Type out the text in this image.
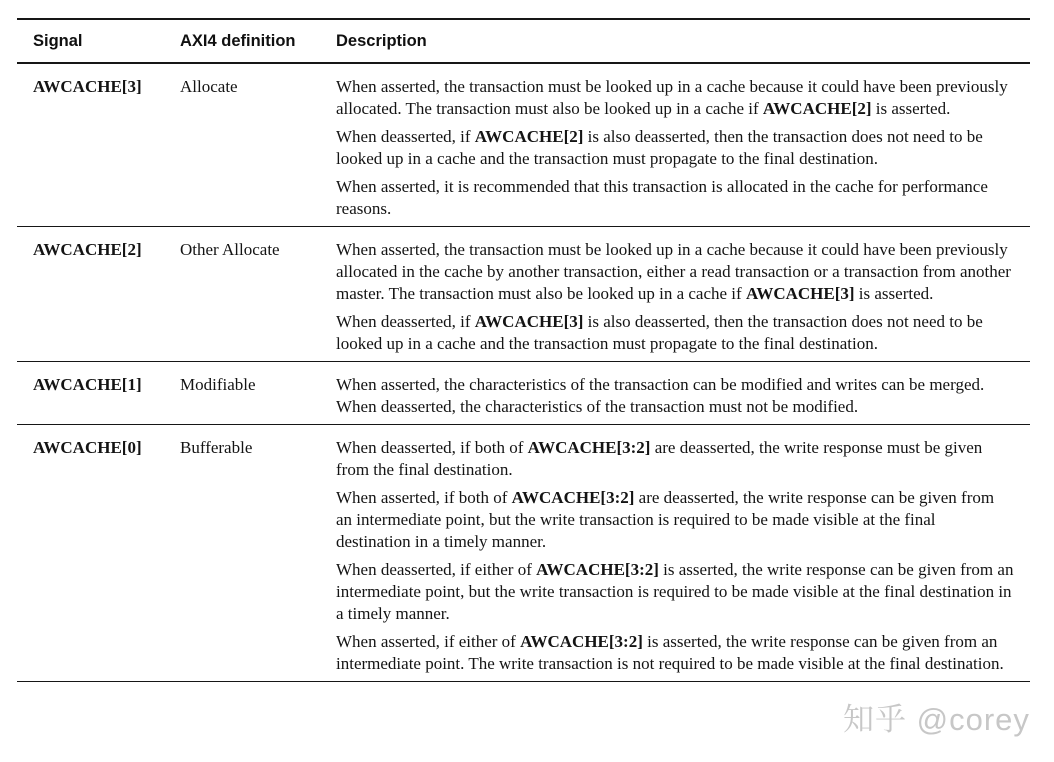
Signal	AXI4 definition	Description
AWCACHE[3]	Allocate	When asserted, the transaction must be looked up in a cache because it could have been previously allocated. The transaction must also be looked up in a cache if AWCACHE[2] is asserted.

When deasserted, if AWCACHE[2] is also deasserted, then the transaction does not need to be looked up in a cache and the transaction must propagate to the final destination.

When asserted, it is recommended that this transaction is allocated in the cache for performance reasons.

AWCACHE[2]	Other Allocate	When asserted, the transaction must be looked up in a cache because it could have been previously allocated in the cache by another transaction, either a read transaction or a transaction from another master. The transaction must also be looked up in a cache if AWCACHE[3] is asserted.

When deasserted, if AWCACHE[3] is also deasserted, then the transaction does not need to be looked up in a cache and the transaction must propagate to the final destination.

AWCACHE[1]	Modifiable	When asserted, the characteristics of the transaction can be modified and writes can be merged. When deasserted, the characteristics of the transaction must not be modified.

AWCACHE[0]	Bufferable	When deasserted, if both of AWCACHE[3:2] are deasserted, the write response must be given from the final destination.

When asserted, if both of AWCACHE[3:2] are deasserted, the write response can be given from an intermediate point, but the write transaction is required to be made visible at the final destination in a timely manner.

When deasserted, if either of AWCACHE[3:2] is asserted, the write response can be given from an intermediate point, but the write transaction is required to be made visible at the final destination in a timely manner.

When asserted, if either of AWCACHE[3:2] is asserted, the write response can be given from an intermediate point. The write transaction is not required to be made visible at the final destination.

知乎 @corey
